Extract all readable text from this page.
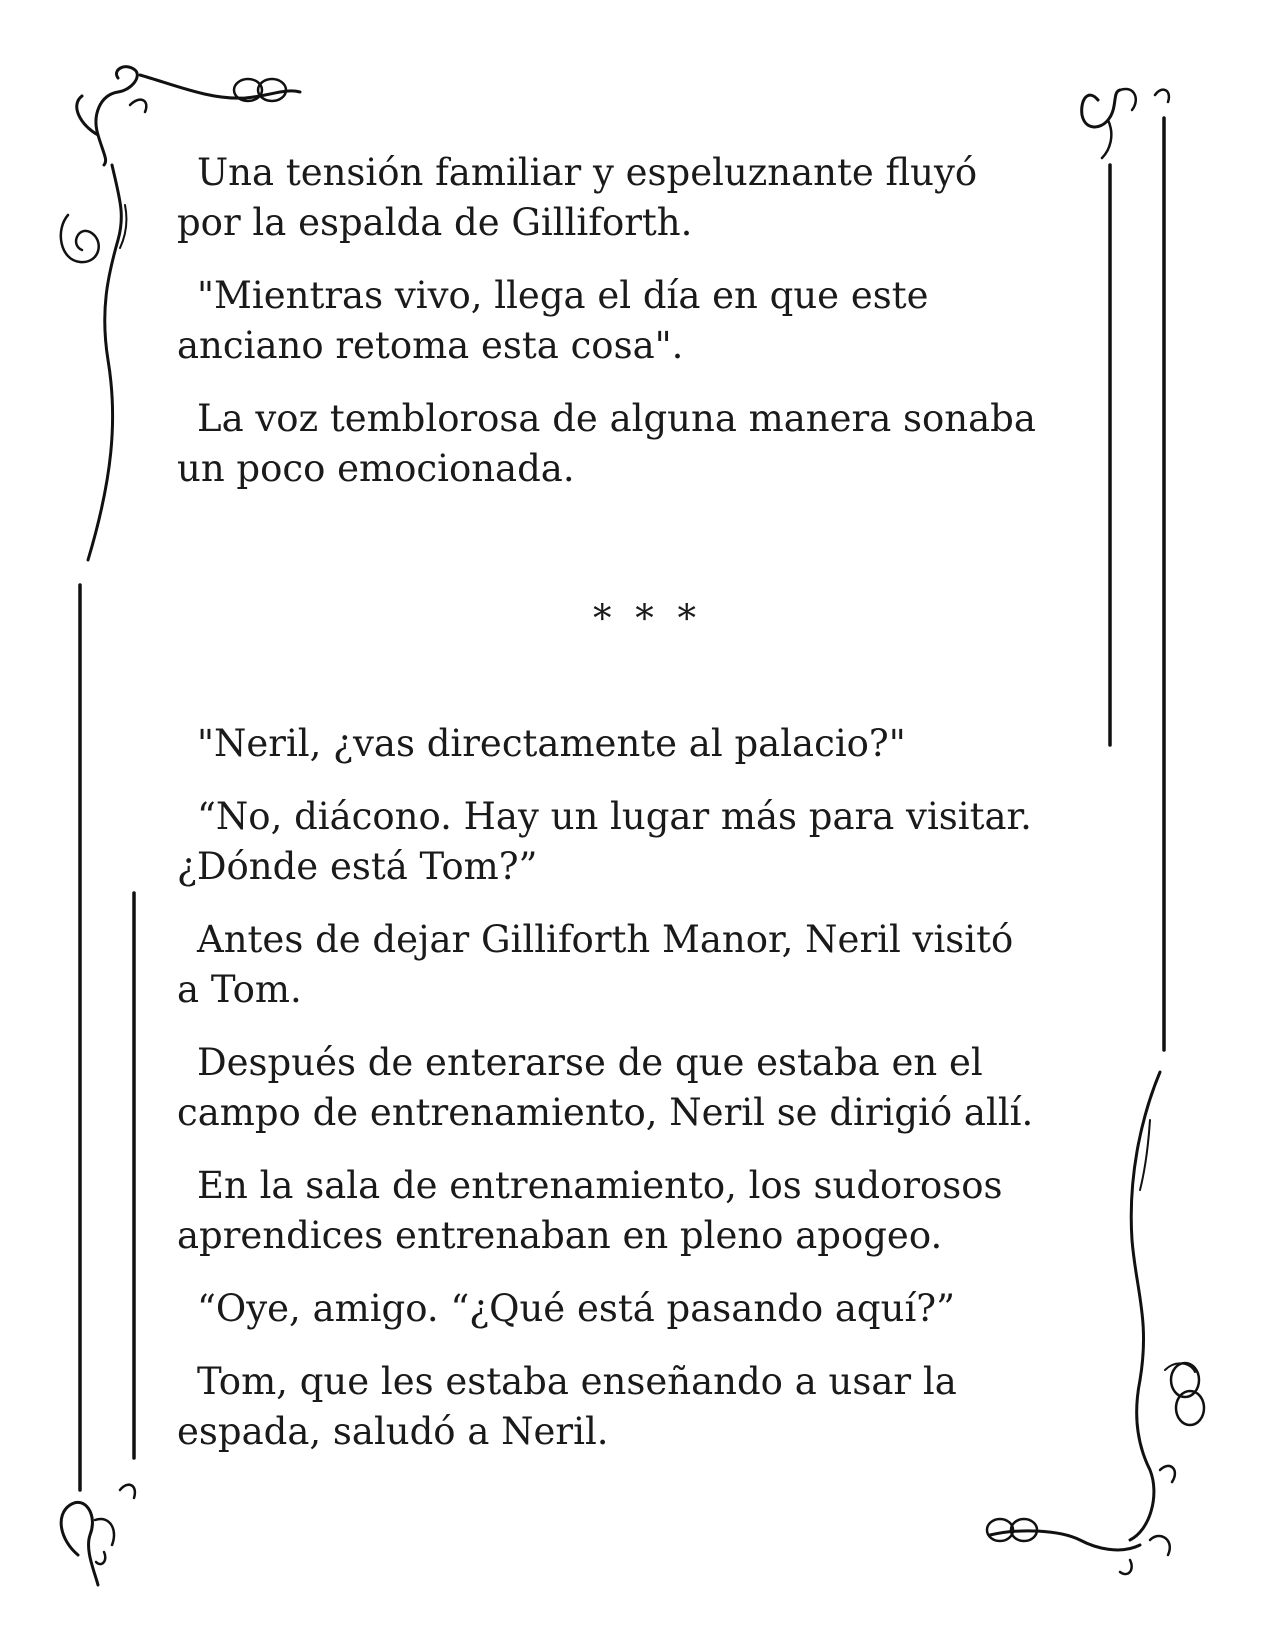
Una tensión familiar y espeluznante fluyó
por la espalda de Gilliforth.

"Mientras vivo, llega el día en que este
anciano retoma esta cosa".

La voz temblorosa de alguna manera sonaba
un poco emocionada.

* * *

"Neril, ¿vas directamente al palacio?"

“No, diácono. Hay un lugar más para visitar.
¿Dónde está Tom?”

Antes de dejar Gilliforth Manor, Neril visitó
a Tom.

Después de enterarse de que estaba en el
campo de entrenamiento, Neril se dirigió allí.

En la sala de entrenamiento, los sudorosos
aprendices entrenaban en pleno apogeo.

“Oye, amigo. “¿Qué está pasando aquí?”

Tom, que les estaba enseñando a usar la
espada, saludó a Neril.
